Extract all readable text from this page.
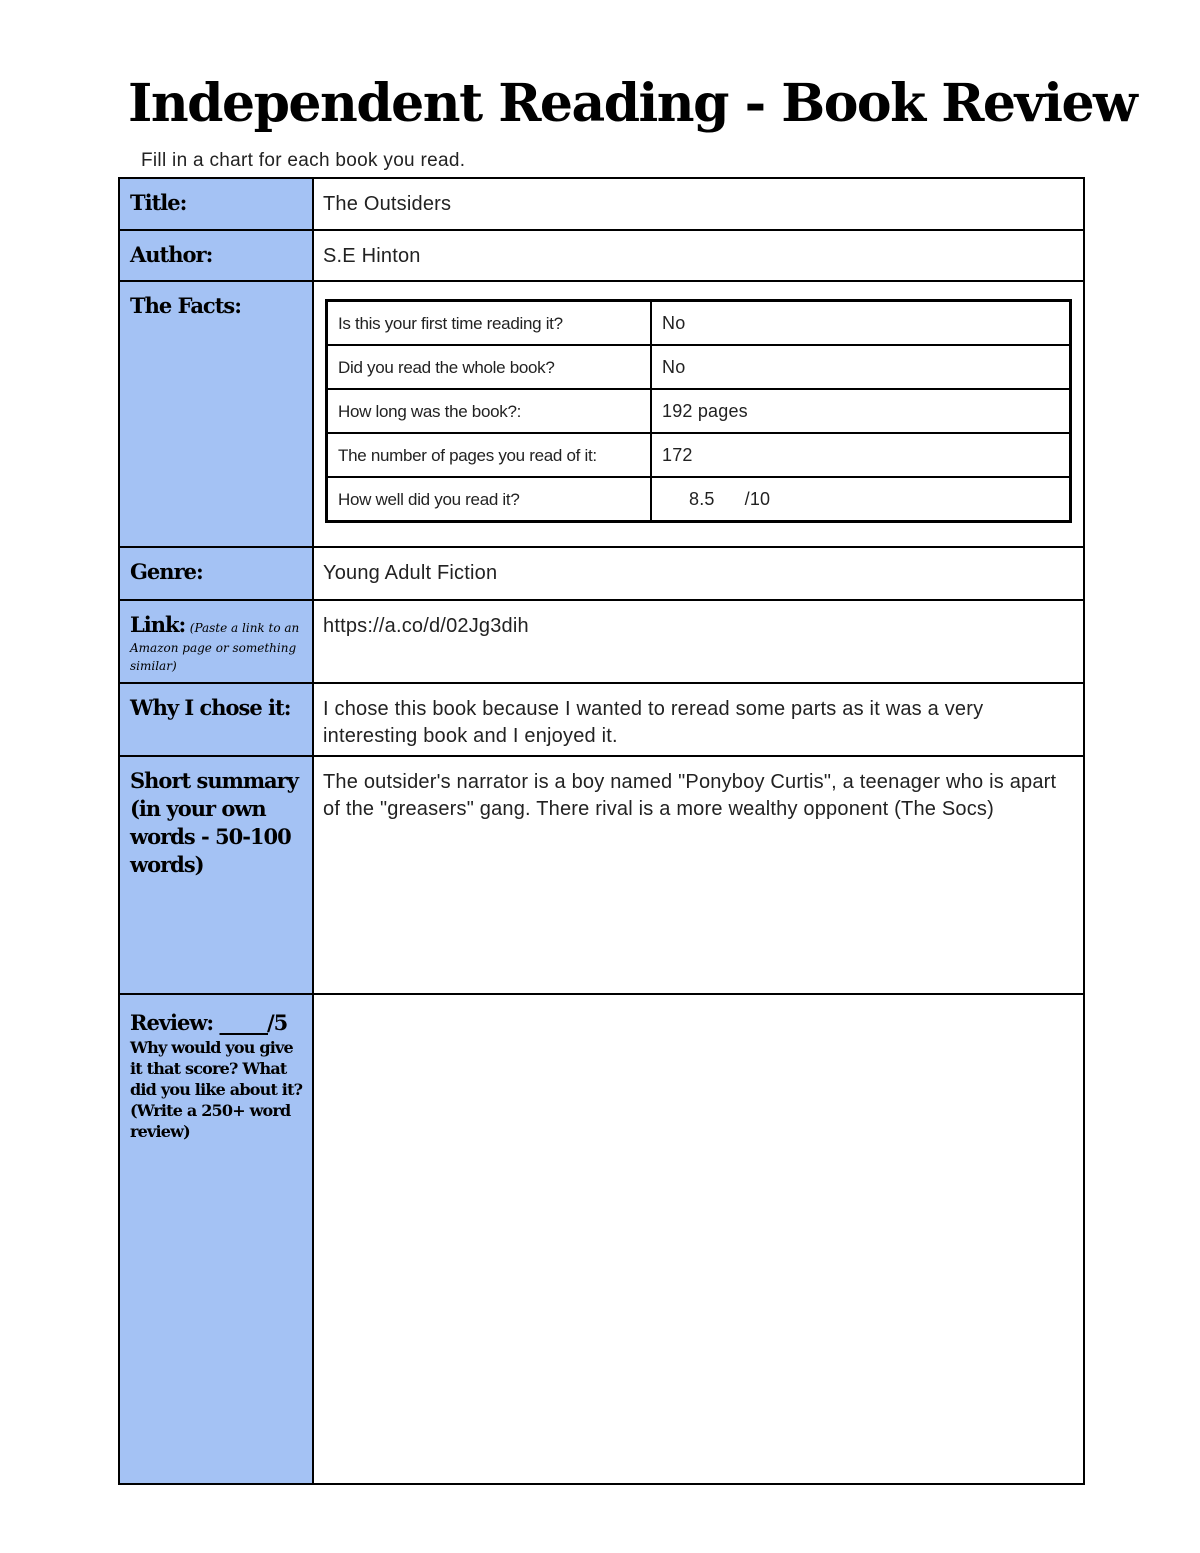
Independent Reading - Book Review
Fill in a chart for each book you read.
Title:	The Outsiders

Author:	S.E Hinton

The Facts:

Is this your first time reading it?	No
Did you read the whole book?	No
How long was the book?:	192 pages
The number of pages you read of it:	172
How well did you read it?	8.5 /10

Genre:	Young Adult Fiction

Link: (Paste a link to an Amazon page or something similar)
	https://a.co/d/02Jg3dih

Why I chose it:	I chose this book because I wanted to reread some parts as it was a very interesting book and I enjoyed it.

Short summary (in your own words - 50-100 words)
	The outsider's narrator is a boy named "Ponyboy Curtis", a teenager who is apart of the "greasers" gang. There rival is a more wealthy opponent (The Socs)

Review: _____/5
Why would you give it that score? What did you like about it? (Write a 250+ word review)
